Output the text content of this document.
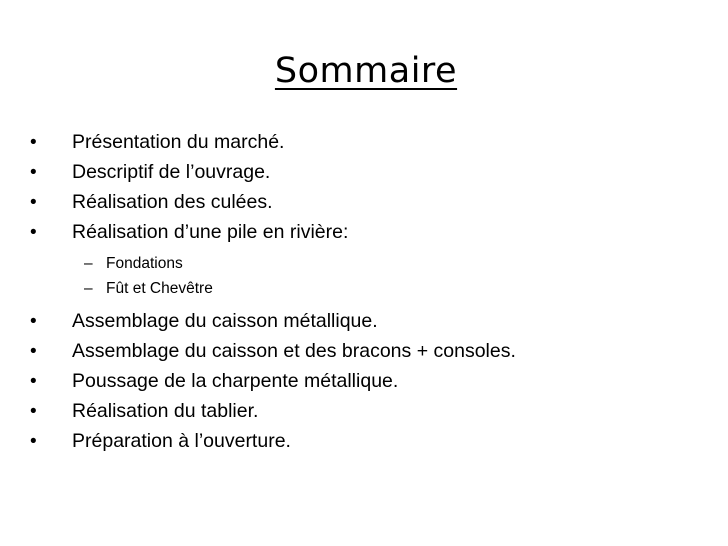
Sommaire
• Présentation du marché.
• Descriptif de l’ouvrage.
• Réalisation des culées.
• Réalisation d’une pile en rivière:
– Fondations
– Fût et Chevêtre
• Assemblage du caisson métallique.
• Assemblage du caisson et des bracons + consoles.
• Poussage de la charpente métallique.
• Réalisation du tablier.
• Préparation à l’ouverture.
